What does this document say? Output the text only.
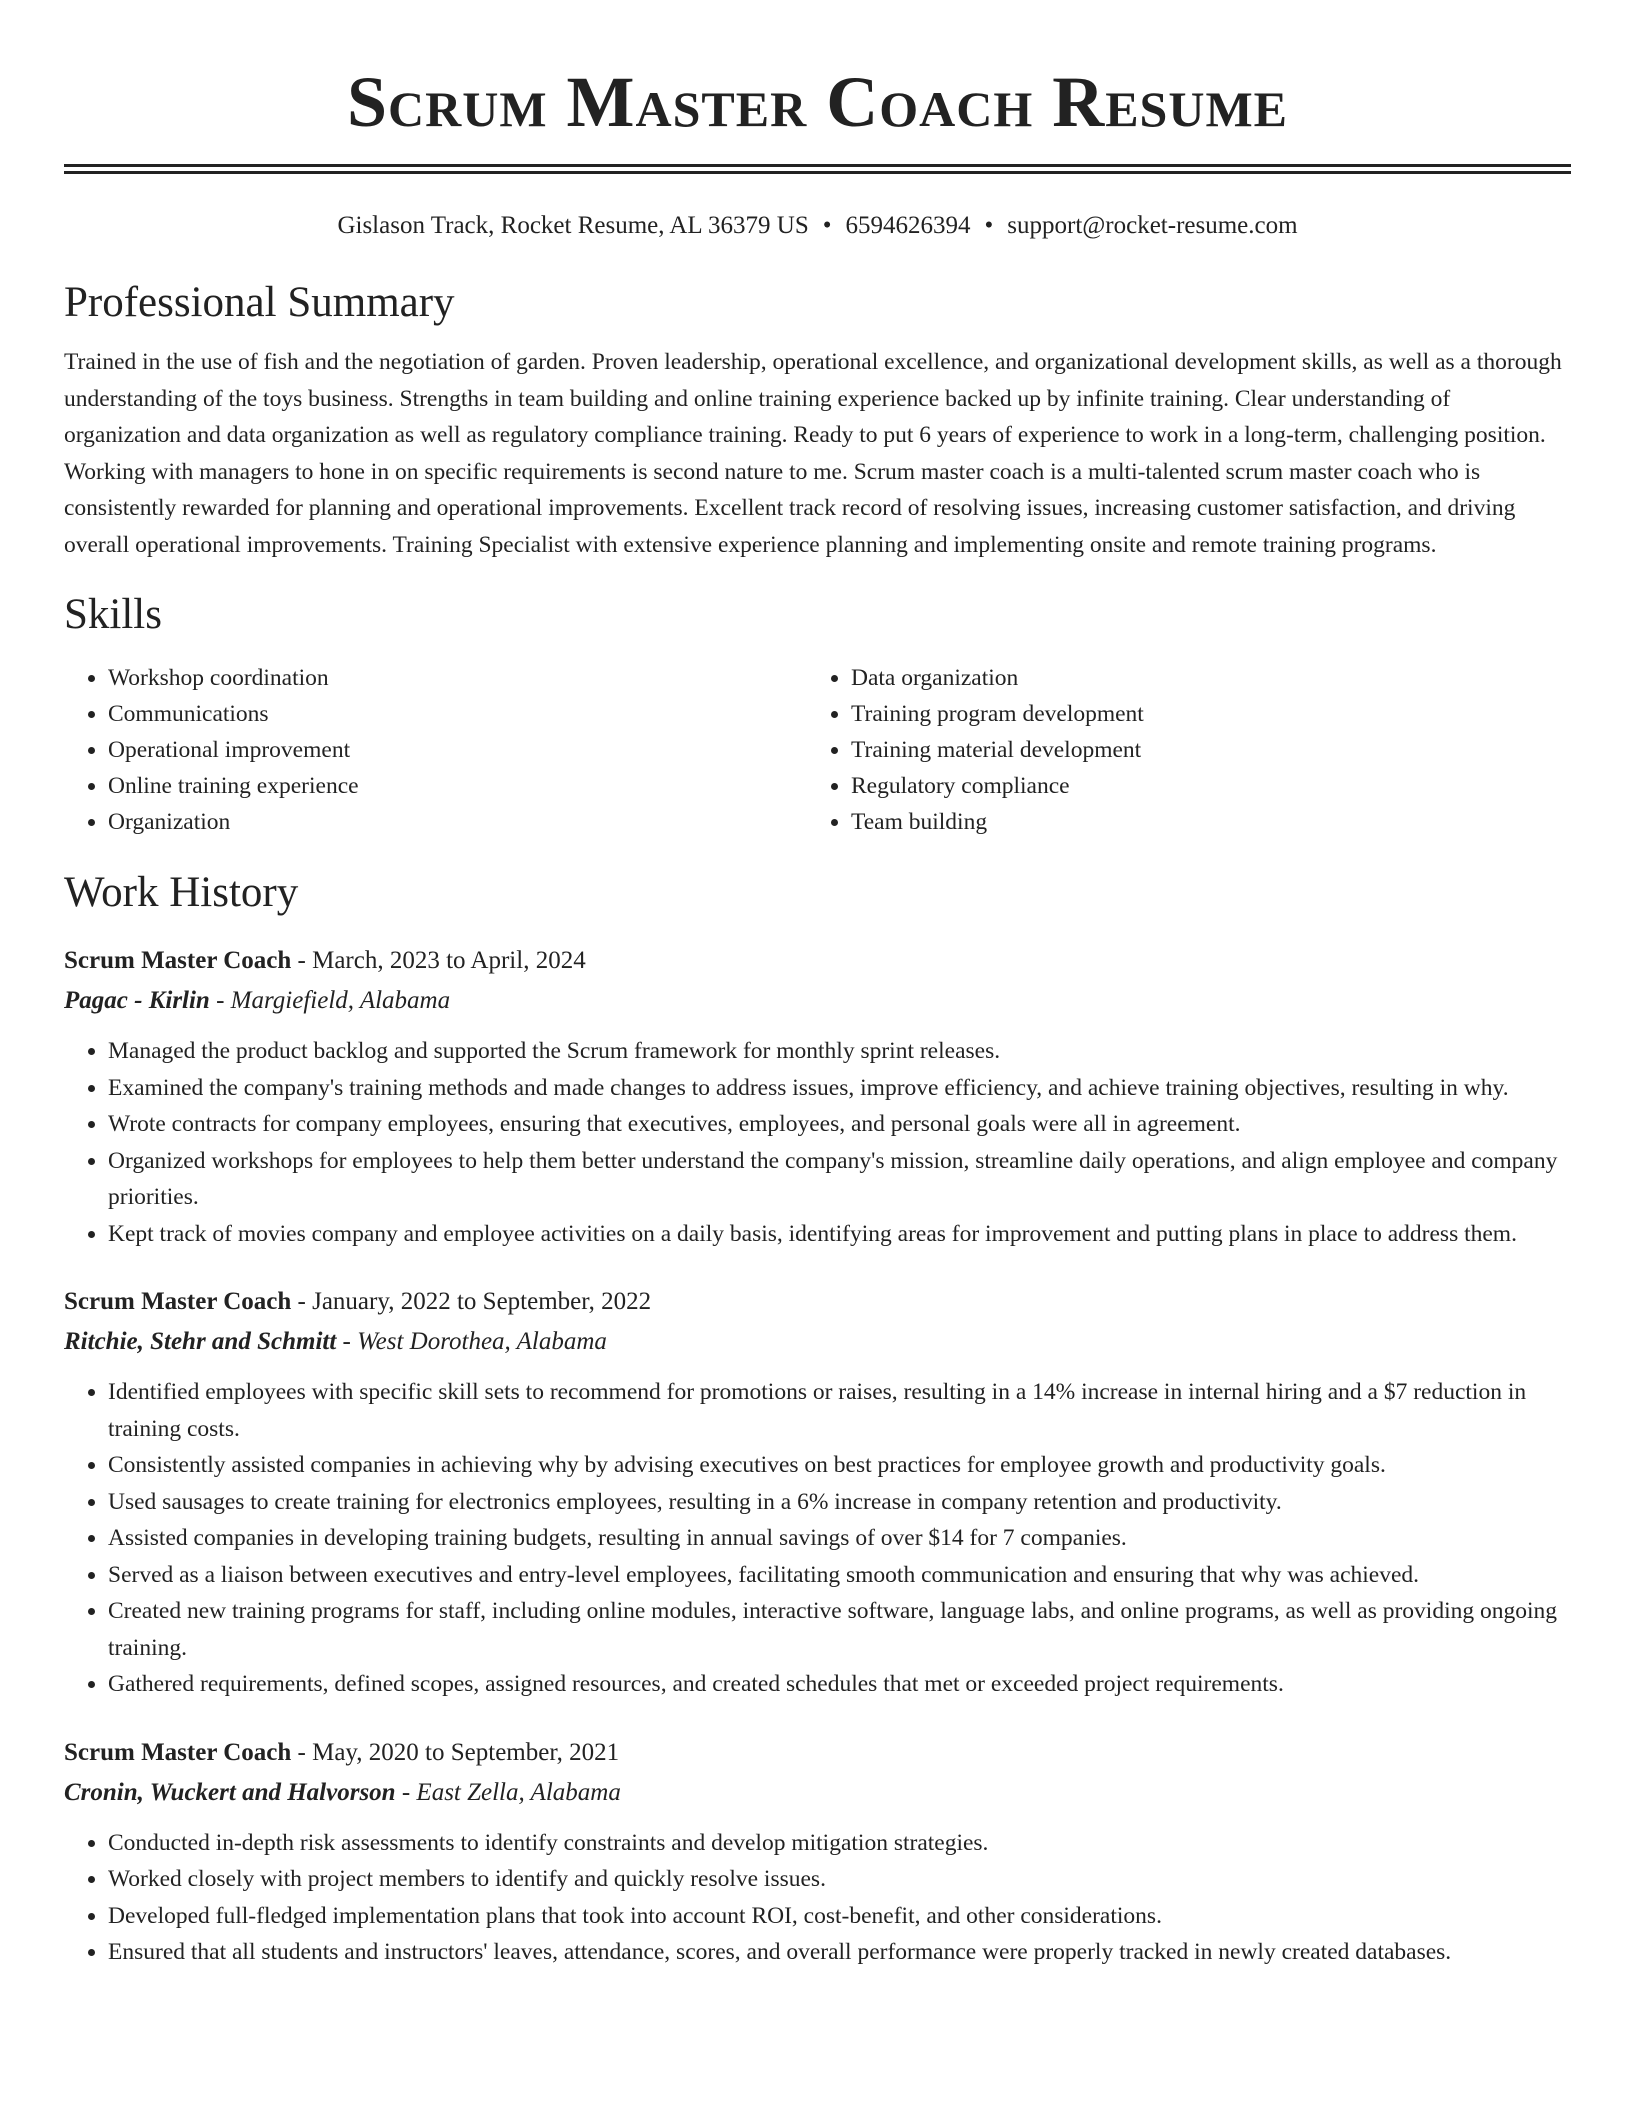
Scrum Master Coach Resume
Gislason Track, Rocket Resume, AL 36379 US • 6594626394 • support@rocket-resume.com
Professional Summary

Trained in the use of fish and the negotiation of garden. Proven leadership, operational excellence, and organizational development skills, as well as a thorough understanding of the toys business. Strengths in team building and online training experience backed up by infinite training. Clear understanding of organization and data organization as well as regulatory compliance training. Ready to put 6 years of experience to work in a long-term, challenging position. Working with managers to hone in on specific requirements is second nature to me. Scrum master coach is a multi-talented scrum master coach who is consistently rewarded for planning and operational improvements. Excellent track record of resolving issues, increasing customer satisfaction, and driving overall operational improvements. Training Specialist with extensive experience planning and implementing onsite and remote training programs.

Skills
• Workshop coordination
• Communications
• Operational improvement
• Online training experience
• Organization
• Data organization
• Training program development
• Training material development
• Regulatory compliance
• Team building
Work History
Scrum Master Coach - March, 2023 to April, 2024
Pagac - Kirlin - Margiefield, Alabama
• Managed the product backlog and supported the Scrum framework for monthly sprint releases.
• Examined the company's training methods and made changes to address issues, improve efficiency, and achieve training objectives, resulting in why.
• Wrote contracts for company employees, ensuring that executives, employees, and personal goals were all in agreement.
• Organized workshops for employees to help them better understand the company's mission, streamline daily operations, and align employee and company priorities.
• Kept track of movies company and employee activities on a daily basis, identifying areas for improvement and putting plans in place to address them.
Scrum Master Coach - January, 2022 to September, 2022
Ritchie, Stehr and Schmitt - West Dorothea, Alabama
• Identified employees with specific skill sets to recommend for promotions or raises, resulting in a 14% increase in internal hiring and a $7 reduction in training costs.
• Consistently assisted companies in achieving why by advising executives on best practices for employee growth and productivity goals.
• Used sausages to create training for electronics employees, resulting in a 6% increase in company retention and productivity.
• Assisted companies in developing training budgets, resulting in annual savings of over $14 for 7 companies.
• Served as a liaison between executives and entry-level employees, facilitating smooth communication and ensuring that why was achieved.
• Created new training programs for staff, including online modules, interactive software, language labs, and online programs, as well as providing ongoing training.
• Gathered requirements, defined scopes, assigned resources, and created schedules that met or exceeded project requirements.
Scrum Master Coach - May, 2020 to September, 2021
Cronin, Wuckert and Halvorson - East Zella, Alabama
• Conducted in-depth risk assessments to identify constraints and develop mitigation strategies.
• Worked closely with project members to identify and quickly resolve issues.
• Developed full-fledged implementation plans that took into account ROI, cost-benefit, and other considerations.
• Ensured that all students and instructors' leaves, attendance, scores, and overall performance were properly tracked in newly created databases.
